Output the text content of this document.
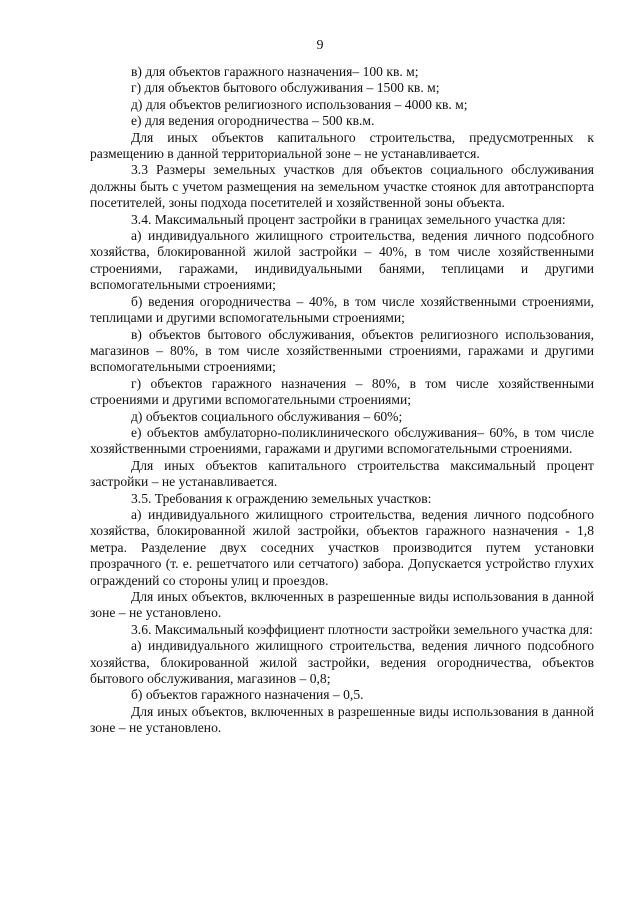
9

в) для объектов гаражного назначения– 100 кв. м;

г) для объектов бытового обслуживания – 1500 кв. м;

д) для объектов религиозного использования – 4000 кв. м;

е) для ведения огородничества – 500 кв.м.

Для иных объектов капитального строительства, предусмотренных к размещению в данной территориальной зоне – не устанавливается.

3.3 Размеры земельных участков для объектов социального обслуживания должны быть с учетом размещения на земельном участке стоянок для автотранспорта посетителей, зоны подхода посетителей и хозяйственной зоны объекта.

3.4. Максимальный процент застройки в границах земельного участка для:

а) индивидуального жилищного строительства, ведения личного подсобного хозяйства, блокированной жилой застройки – 40%, в том числе хозяйственными строениями, гаражами, индивидуальными банями, теплицами и другими вспомогательными строениями;

б) ведения огородничества – 40%, в том числе хозяйственными строениями, теплицами и другими вспомогательными строениями;

в) объектов бытового обслуживания, объектов религиозного использования, магазинов – 80%, в том числе хозяйственными строениями, гаражами и другими вспомогательными строениями;

г) объектов гаражного назначения – 80%, в том числе хозяйственными строениями и другими вспомогательными строениями;

д) объектов социального обслуживания – 60%;

е) объектов амбулаторно-поликлинического обслуживания– 60%, в том числе хозяйственными строениями, гаражами и другими вспомогательными строениями.

Для иных объектов капитального строительства максимальный процент застройки – не устанавливается.

3.5. Требования к ограждению земельных участков:

а) индивидуального жилищного строительства, ведения личного подсобного хозяйства, блокированной жилой застройки, объектов гаражного назначения - 1,8 метра. Разделение двух соседних участков производится путем установки прозрачного (т. е. решетчатого или сетчатого) забора. Допускается устройство глухих ограждений со стороны улиц и проездов.

Для иных объектов, включенных в разрешенные виды использования в данной зоне – не установлено.

3.6. Максимальный коэффициент плотности застройки земельного участка для:

а) индивидуального жилищного строительства, ведения личного подсобного хозяйства, блокированной жилой застройки, ведения огородничества, объектов бытового обслуживания, магазинов – 0,8;

б) объектов гаражного назначения – 0,5.

Для иных объектов, включенных в разрешенные виды использования в данной зоне – не установлено.
